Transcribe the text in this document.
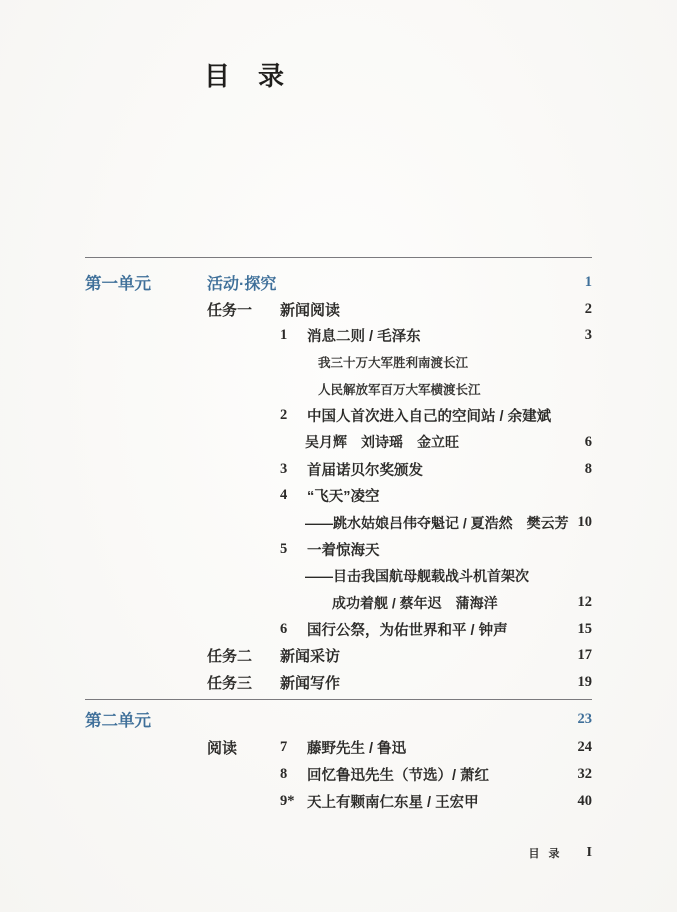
目　录
第一单元	活动·探究	1
任务一	新闻阅读	2
1	消息二则 / 毛泽东	3
我三十万大军胜利南渡长江
人民解放军百万大军横渡长江
2	中国人首次进入自己的空间站 / 余建斌
吴月辉　刘诗瑶　金立旺	6
3	首届诺贝尔奖颁发	8
4	“飞天”凌空
——跳水姑娘吕伟夺魁记 / 夏浩然　樊云芳 10
5	一着惊海天
——目击我国航母舰载战斗机首架次
成功着舰 / 蔡年迟　蒲海洋	12
6	国行公祭，为佑世界和平 / 钟声	15
任务二	新闻采访	17
任务三	新闻写作	19
第二单元	23
阅读	7	藤野先生 / 鲁迅	24
8	回忆鲁迅先生（节选）/ 萧红	32
9* 天上有颗南仁东星 / 王宏甲	40
目 录 I
